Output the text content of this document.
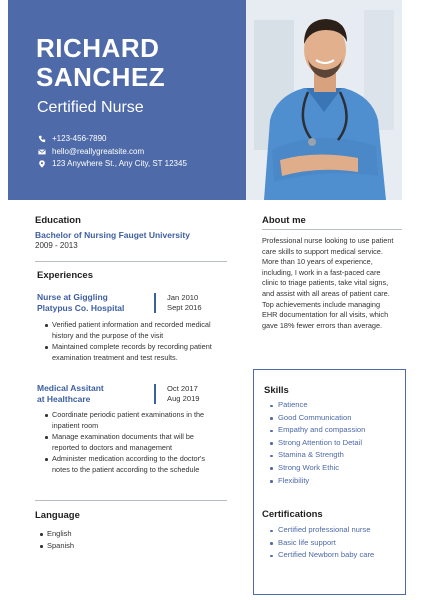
RICHARD
SANCHEZ
Certified Nurse
+123-456-7890
hello@reallygreatsite.com
123 Anywhere St., Any City, ST 12345
Education
Bachelor of Nursing Fauget University
2009 - 2013
Experiences
Nurse at Giggling
Platypus Co. Hospital
Jan 2010
Sept 2016
Verified patient information and recorded medical history and the purpose of the visit
Maintained complete records by recording patient examination treatment and test results.
Medical Assitant
at Healthcare
Oct 2017
Aug 2019
Coordinate periodic patient examinations in the inpatient room
Manage examination documents that will be reported to doctors and management
Administer medication according to the doctor's notes to the patient according to the schedule
Language
English
Spanish
About me
Professional nurse looking to use patient care skills to support medical service. More than 10 years of experience, including, I work in a fast-paced care clinic to triage patients, take vital signs, and assist with all areas of patient care. Top achievements include managing EHR documentation for all visits, which gave 18% fewer errors than average.
Skills
Patience
Good Communication
Empathy and compassion
Strong Attention to Detail
Stamina & Strength
Strong Work Ethic
Flexibility
Certifications
Certified professional nurse
Basic life support
Certified Newborn baby care
